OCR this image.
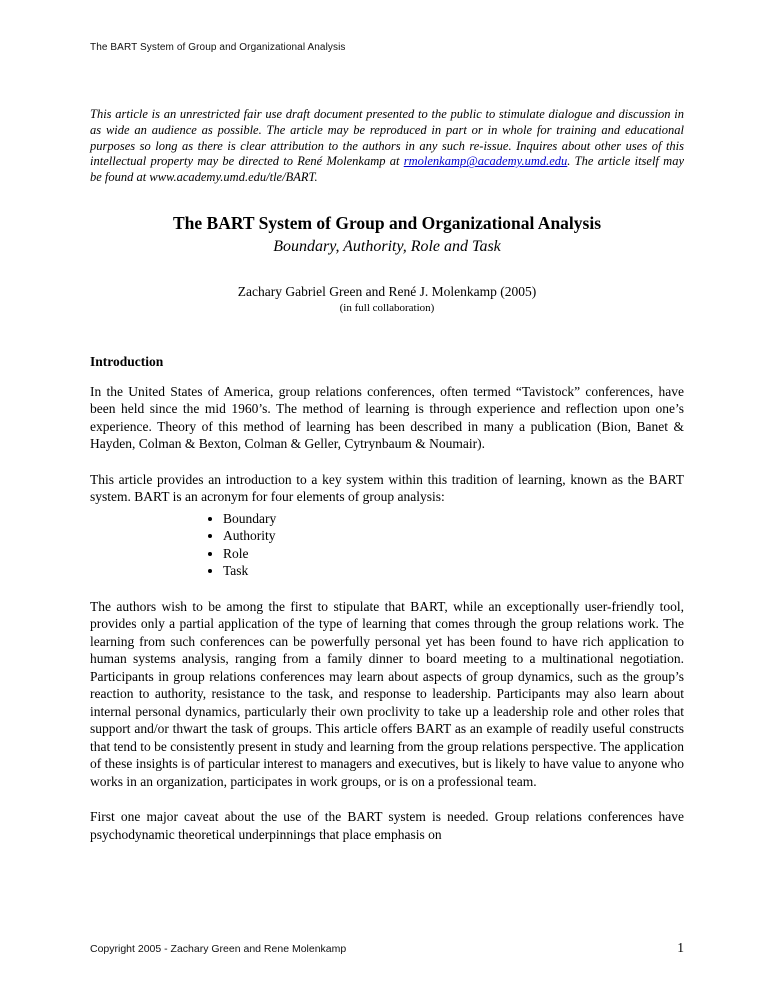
The BART System of Group and Organizational Analysis

This article is an unrestricted fair use draft document presented to the public to stimulate dialogue and discussion in as wide an audience as possible. The article may be reproduced in part or in whole for training and educational purposes so long as there is clear attribution to the authors in any such re-issue. Inquires about other uses of this intellectual property may be directed to René Molenkamp at rmolenkamp@academy.umd.edu. The article itself may be found at www.academy.umd.edu/tle/BART.

The BART System of Group and Organizational Analysis
Boundary, Authority, Role and Task

Zachary Gabriel Green and René J. Molenkamp (2005)

(in full collaboration)

Introduction

In the United States of America, group relations conferences, often termed “Tavistock” conferences, have been held since the mid 1960’s. The method of learning is through experience and reflection upon one’s experience. Theory of this method of learning has been described in many a publication (Bion, Banet & Hayden, Colman & Bexton, Colman & Geller, Cytrynbaum & Noumair).

This article provides an introduction to a key system within this tradition of learning, known as the BART system. BART is an acronym for four elements of group analysis:

• Boundary
• Authority
• Role
• Task

The authors wish to be among the first to stipulate that BART, while an exceptionally user-friendly tool, provides only a partial application of the type of learning that comes through the group relations work. The learning from such conferences can be powerfully personal yet has been found to have rich application to human systems analysis, ranging from a family dinner to board meeting to a multinational negotiation. Participants in group relations conferences may learn about aspects of group dynamics, such as the group’s reaction to authority, resistance to the task, and response to leadership. Participants may also learn about internal personal dynamics, particularly their own proclivity to take up a leadership role and other roles that support and/or thwart the task of groups. This article offers BART as an example of readily useful constructs that tend to be consistently present in study and learning from the group relations perspective. The application of these insights is of particular interest to managers and executives, but is likely to have value to anyone who works in an organization, participates in work groups, or is on a professional team.

First one major caveat about the use of the BART system is needed. Group relations conferences have psychodynamic theoretical underpinnings that place emphasis on

Copyright 2005 - Zachary Green and Rene Molenkamp	1
